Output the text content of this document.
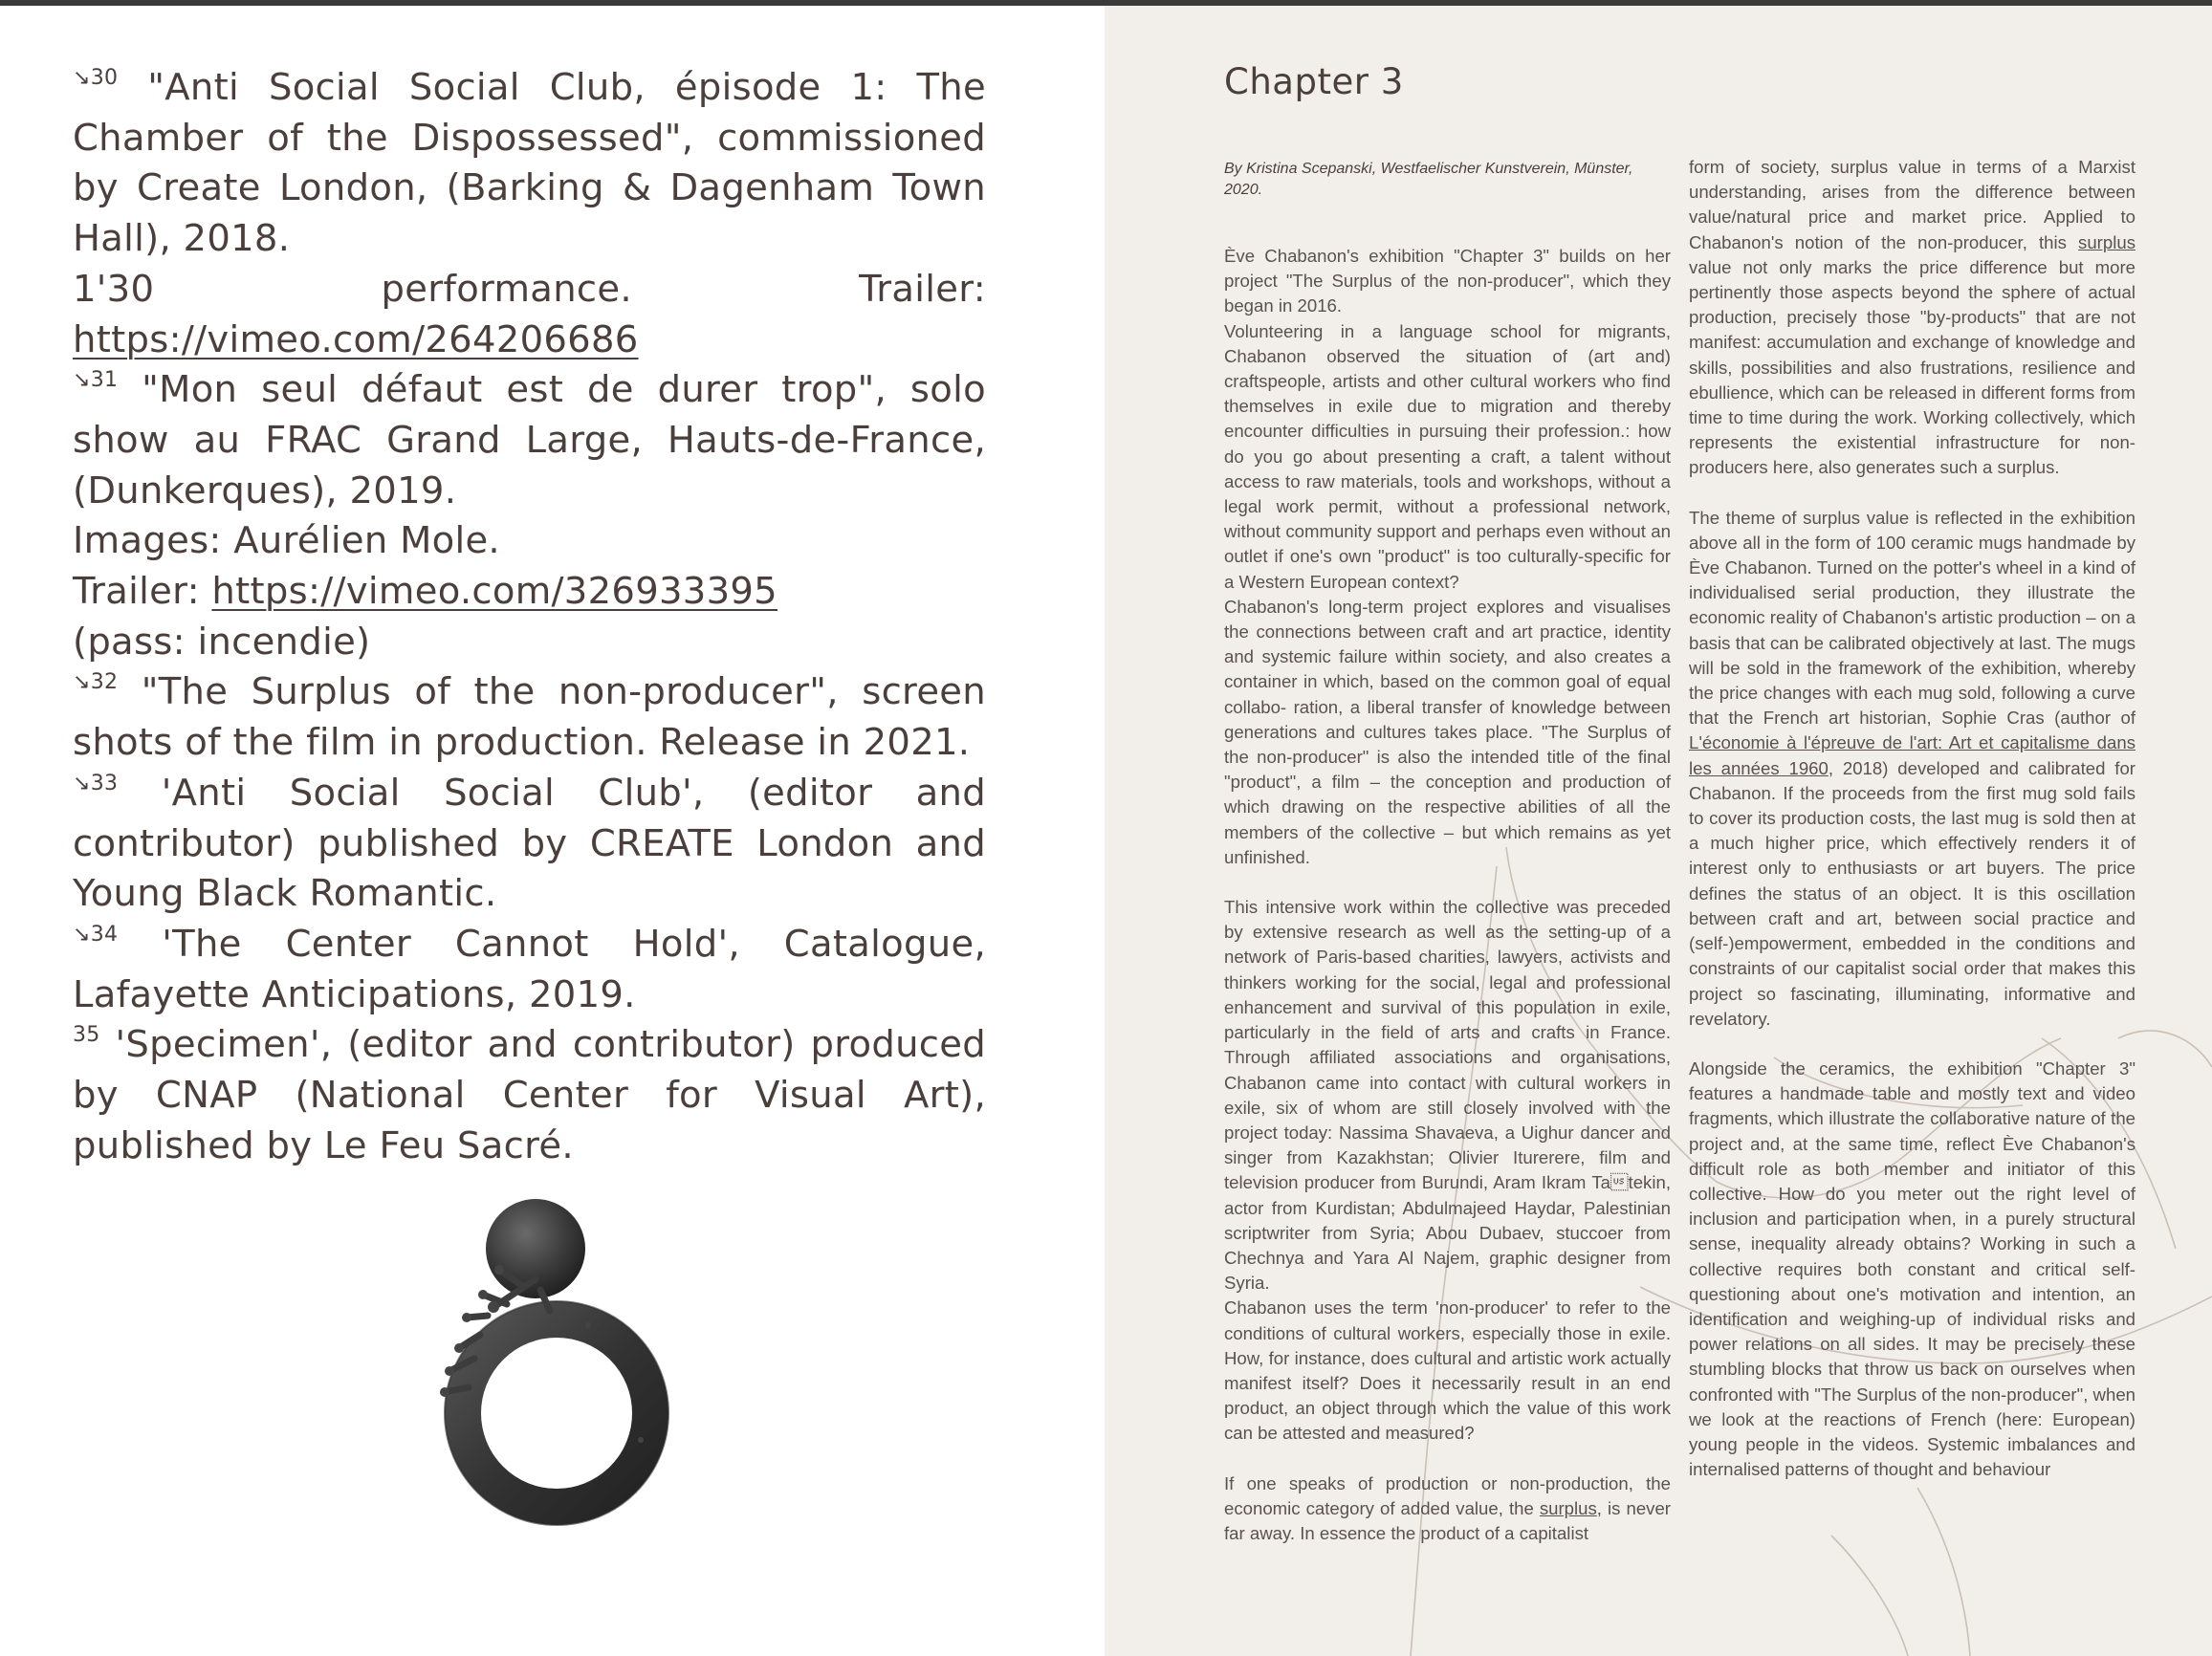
$^{↘30}$ "Anti Social Social Club, épisode 1: The Chamber of the Dispossessed", commissioned by Create London, (Barking & Dagenham Town Hall), 2018.

1'30 performance. Trailer: https://vimeo.com/264206686

$^{↘31}$ "Mon seul défaut est de durer trop", solo show au FRAC Grand Large, Hauts-de-France, (Dunkerques), 2019.

Images: Aurélien Mole.

Trailer: https://vimeo.com/326933395

(pass: incendie)

$^{↘32}$ "The Surplus of the non-producer", screen shots of the film in production. Release in 2021.

$^{↘33}$ 'Anti Social Social Club', (editor and contributor) published by CREATE London and Young Black Romantic.

$^{↘34}$ 'The Center Cannot Hold', Catalogue, Lafayette Anticipations, 2019.

$^{35}$ 'Specimen', (editor and contributor) produced by CNAP (National Center for Visual Art), published by Le Feu Sacré.

Chapter 3

By Kristina Scepanski, Westfaelischer Kunstverein, Münster, 2020.

Ève Chabanon's exhibition "Chapter 3" builds on her project "The Surplus of the non-producer", which they began in 2016.

Volunteering in a language school for migrants, Chabanon observed the situation of (art and) craftspeople, artists and other cultural workers who find themselves in exile due to migration and thereby encounter difficulties in pursuing their profession.: how do you go about presenting a craft, a talent without access to raw materials, tools and workshops, without a legal work permit, without a professional network, without community support and perhaps even without an outlet if one's own "product" is too culturally-specific for a Western European context?

Chabanon's long-term project explores and visualises the connections between craft and art practice, identity and systemic failure within society, and also creates a container in which, based on the common goal of equal collabo- ration, a liberal transfer of knowledge between generations and cultures takes place. "The Surplus of the non-producer" is also the intended title of the final "product", a film – the conception and production of which drawing on the respective abilities of all the members of the collective – but which remains as yet unfinished.

This intensive work within the collective was preceded by extensive research as well as the setting-up of a network of Paris-based charities, lawyers, activists and thinkers working for the social, legal and professional enhancement and survival of this population in exile, particularly in the field of arts and crafts in France. Through affiliated associations and organisations, Chabanon came into contact with cultural workers in exile, six of whom are still closely involved with the project today: Nassima Shavaeva, a Uighur dancer and singer from Kazakhstan; Olivier Iturerere, film and television producer from Burundi, Aram Ikram Tatekin, actor from Kurdistan; Abdulmajeed Haydar, Palestinian scriptwriter from Syria; Abou Dubaev, stuccoer from Chechnya and Yara Al Najem, graphic designer from Syria.

Chabanon uses the term 'non-producer' to refer to the conditions of cultural workers, especially those in exile. How, for instance, does cultural and artistic work actually manifest itself? Does it necessarily result in an end product, an object through which the value of this work can be attested and measured?

If one speaks of production or non-production, the economic category of added value, the surplus, is never far away. In essence the product of a capitalist

form of society, surplus value in terms of a Marxist understanding, arises from the difference between value/natural price and market price. Applied to Chabanon's notion of the non-producer, this surplus value not only marks the price difference but more pertinently those aspects beyond the sphere of actual production, precisely those "by-products" that are not manifest: accumulation and exchange of knowledge and skills, possibilities and also frustrations, resilience and ebullience, which can be released in different forms from time to time during the work. Working collectively, which represents the existential infrastructure for non-producers here, also generates such a surplus.

The theme of surplus value is reflected in the exhibition above all in the form of 100 ceramic mugs handmade by Ève Chabanon. Turned on the potter's wheel in a kind of individualised serial production, they illustrate the economic reality of Chabanon's artistic production – on a basis that can be calibrated objectively at last. The mugs will be sold in the framework of the exhibition, whereby the price changes with each mug sold, following a curve that the French art historian, Sophie Cras (author of L'économie à l'épreuve de l'art: Art et capitalisme dans les années 1960, 2018) developed and calibrated for Chabanon. If the proceeds from the first mug sold fails to cover its production costs, the last mug is sold then at a much higher price, which effectively renders it of interest only to enthusiasts or art buyers. The price defines the status of an object. It is this oscillation between craft and art, between social practice and (self-)empowerment, embedded in the conditions and constraints of our capitalist social order that makes this project so fascinating, illuminating, informative and revelatory.

Alongside the ceramics, the exhibition "Chapter 3" features a handmade table and mostly text and video fragments, which illustrate the collaborative nature of the project and, at the same time, reflect Ève Chabanon's difficult role as both member and initiator of this collective. How do you meter out the right level of inclusion and participation when, in a purely structural sense, inequality already obtains? Working in such a collective requires both constant and critical self-questioning about one's motivation and intention, an identification and weighing-up of individual risks and power relations on all sides. It may be precisely these stumbling blocks that throw us back on ourselves when confronted with "The Surplus of the non-producer", when we look at the reactions of French (here: European) young people in the videos. Systemic imbalances and internalised patterns of thought and behaviour
